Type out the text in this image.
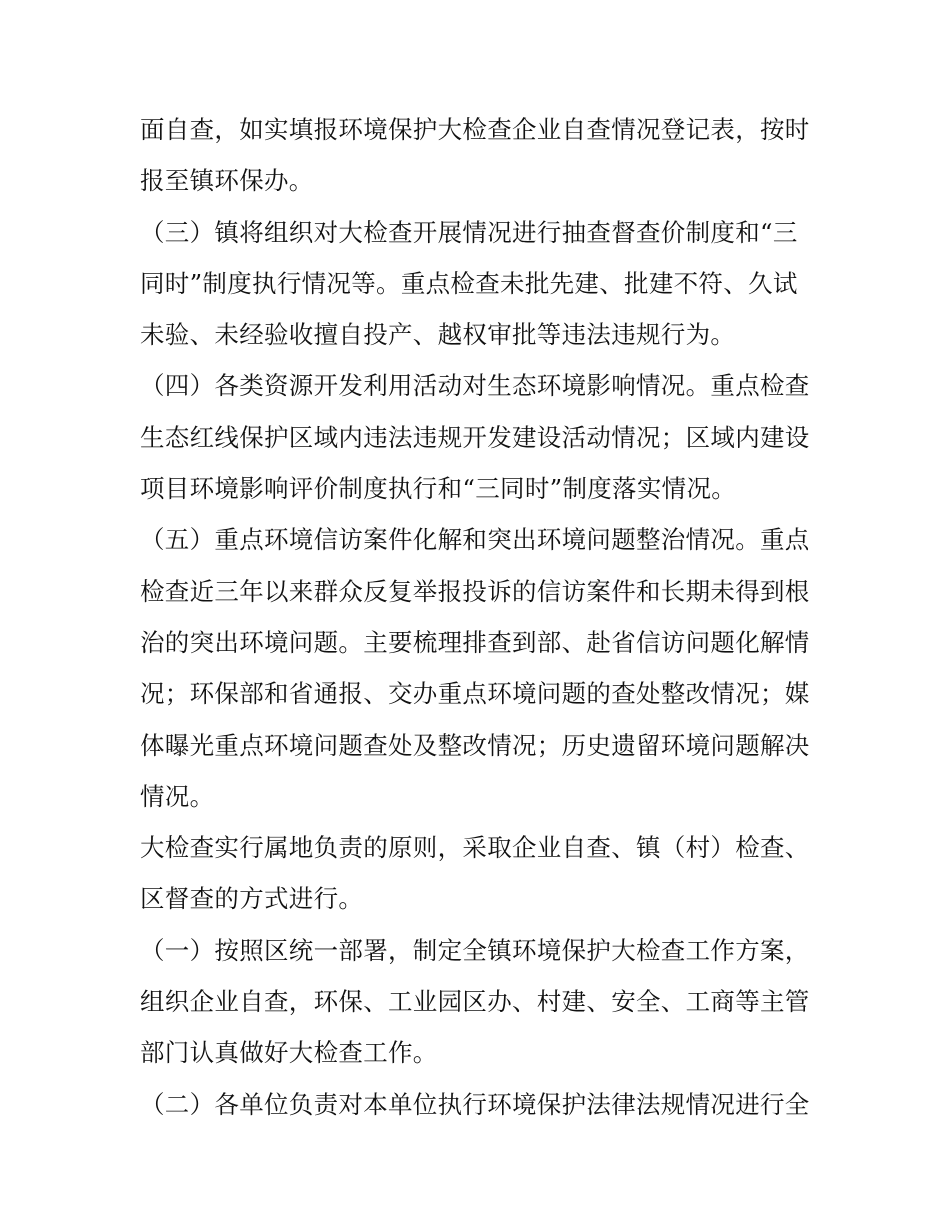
面自查，如实填报环境保护大检查企业自查情况登记表，按时
报至镇环保办。
（三）镇将组织对大检查开展情况进行抽查督查价制度和“三
同时”制度执行情况等。重点检查未批先建、批建不符、久试
未验、未经验收擅自投产、越权审批等违法违规行为。
（四）各类资源开发利用活动对生态环境影响情况。重点检查
生态红线保护区域内违法违规开发建设活动情况；区域内建设
项目环境影响评价制度执行和“三同时”制度落实情况。
（五）重点环境信访案件化解和突出环境问题整治情况。重点
检查近三年以来群众反复举报投诉的信访案件和长期未得到根
治的突出环境问题。主要梳理排查到部、赴省信访问题化解情
况；环保部和省通报、交办重点环境问题的查处整改情况；媒
体曝光重点环境问题查处及整改情况；历史遗留环境问题解决
情况。
大检查实行属地负责的原则，采取企业自查、镇（村）检查、
区督查的方式进行。
（一）按照区统一部署，制定全镇环境保护大检查工作方案，
组织企业自查，环保、工业园区办、村建、安全、工商等主管
部门认真做好大检查工作。
（二）各单位负责对本单位执行环境保护法律法规情况进行全
